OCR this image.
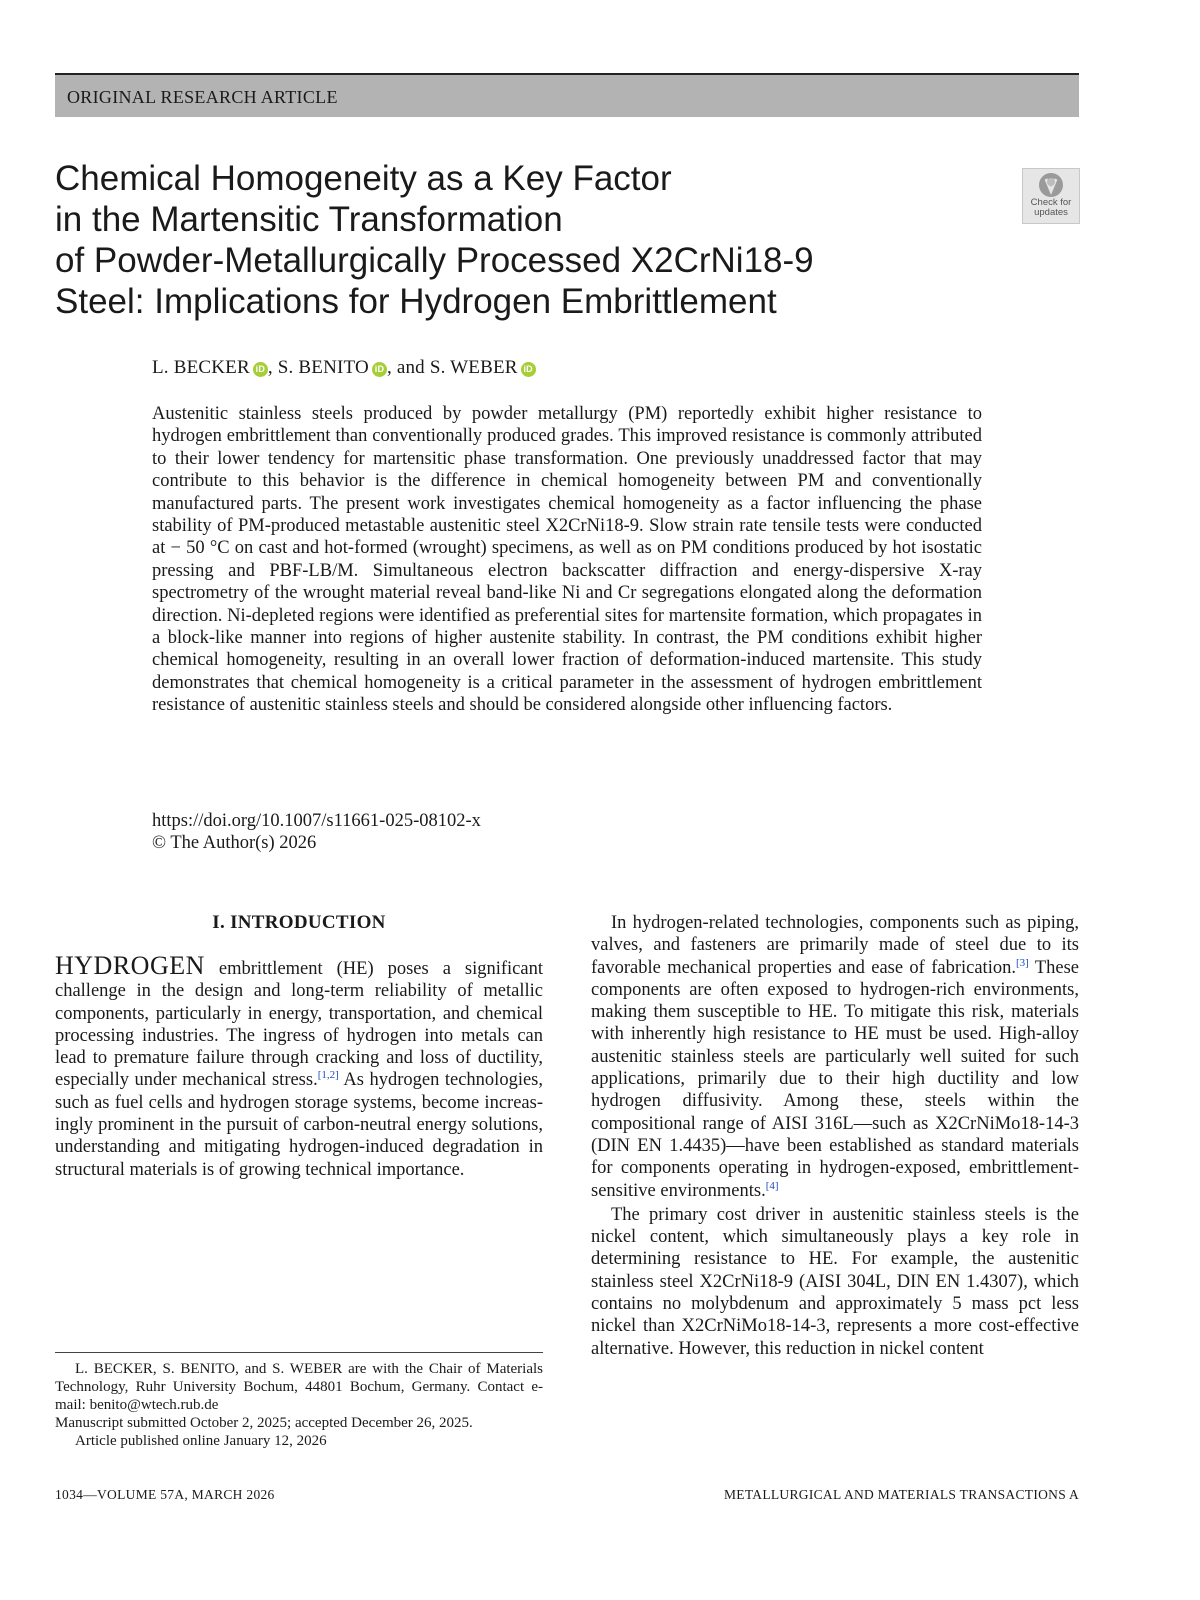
ORIGINAL RESEARCH ARTICLE
Chemical Homogeneity as a Key Factor
in the Martensitic Transformation
of Powder-Metallurgically Processed X2CrNi18-9
Steel: Implications for Hydrogen Embrittlement
Check for
updates
L. BECKER iD , S. BENITO iD , and S. WEBER iD

Austenitic stainless steels produced by powder metallurgy (PM) reportedly exhibit higher resistance to hydrogen embrittlement than conventionally produced grades. This improved resistance is commonly attributed to their lower tendency for martensitic phase transformation. One previously unaddressed factor that may contribute to this behavior is the difference in chemical homogeneity between PM and conventionally manufactured parts. The present work investigates chemical homogeneity as a factor influencing the phase stability of PM-produced metastable austenitic steel X2CrNi18-9. Slow strain rate tensile tests were conducted at − 50 °C on cast and hot-formed (wrought) specimens, as well as on PM conditions produced by hot isostatic pressing and PBF-LB/M. Simultaneous electron backscatter diffraction and energy-dispersive X-ray spectrometry of the wrought material reveal band-like Ni and Cr segregations elongated along the deformation direction. Ni-depleted regions were identified as preferential sites for martensite formation, which propagates in a block-like manner into regions of higher austenite stability. In contrast, the PM conditions exhibit higher chemical homogeneity, resulting in an overall lower fraction of deformation-induced martensite. This study demonstrates that chemical homogeneity is a critical parameter in the assessment of hydrogen embrittlement resistance of austenitic stainless steels and should be considered alongside other influencing factors.

https://doi.org/10.1007/s11661-025-08102-x
© The Author(s) 2026
I. INTRODUCTION

HYDROGEN embrittlement (HE) poses a significant challenge in the design and long-term reliability of metallic components, particularly in energy, transportation, and chemical processing industries. The ingress of hydrogen into metals can lead to premature failure through cracking and loss of ductility, especially under mechanical stress.[1,2] As hydrogen technologies, such as fuel cells and hydrogen storage systems, become increasingly prominent in the pursuit of carbon-neutral energy solutions, understanding and mitigating hydrogen-induced degradation in structural materials is of growing technical importance.

In hydrogen-related technologies, components such as piping, valves, and fasteners are primarily made of steel due to its favorable mechanical properties and ease of fabrication.[3] These components are often exposed to hydrogen-rich environments, making them susceptible to HE. To mitigate this risk, materials with inherently high resistance to HE must be used. High-alloy austenitic stainless steels are particularly well suited for such applications, primarily due to their high ductility and low hydrogen diffusivity. Among these, steels within the compositional range of AISI 316L—such as X2CrNiMo18-14-3 (DIN EN 1.4435)—have been established as standard materials for components operating in hydrogen-exposed, embrittlement-sensitive environments.[4]

The primary cost driver in austenitic stainless steels is the nickel content, which simultaneously plays a key role in determining resistance to HE. For example, the austenitic stainless steel X2CrNi18-9 (AISI 304L, DIN EN 1.4307), which contains no molybdenum and approximately 5 mass pct less nickel than X2CrNiMo18-14-3, represents a more cost-effective alternative. However, this reduction in nickel content

L. BECKER, S. BENITO, and S. WEBER are with the Chair of Materials Technology, Ruhr University Bochum, 44801 Bochum, Germany. Contact e-mail: benito@wtech.rub.de

Manuscript submitted October 2, 2025; accepted December 26, 2025.

Article published online January 12, 2026

1034—VOLUME 57A, MARCH 2026	METALLURGICAL AND MATERIALS TRANSACTIONS A
